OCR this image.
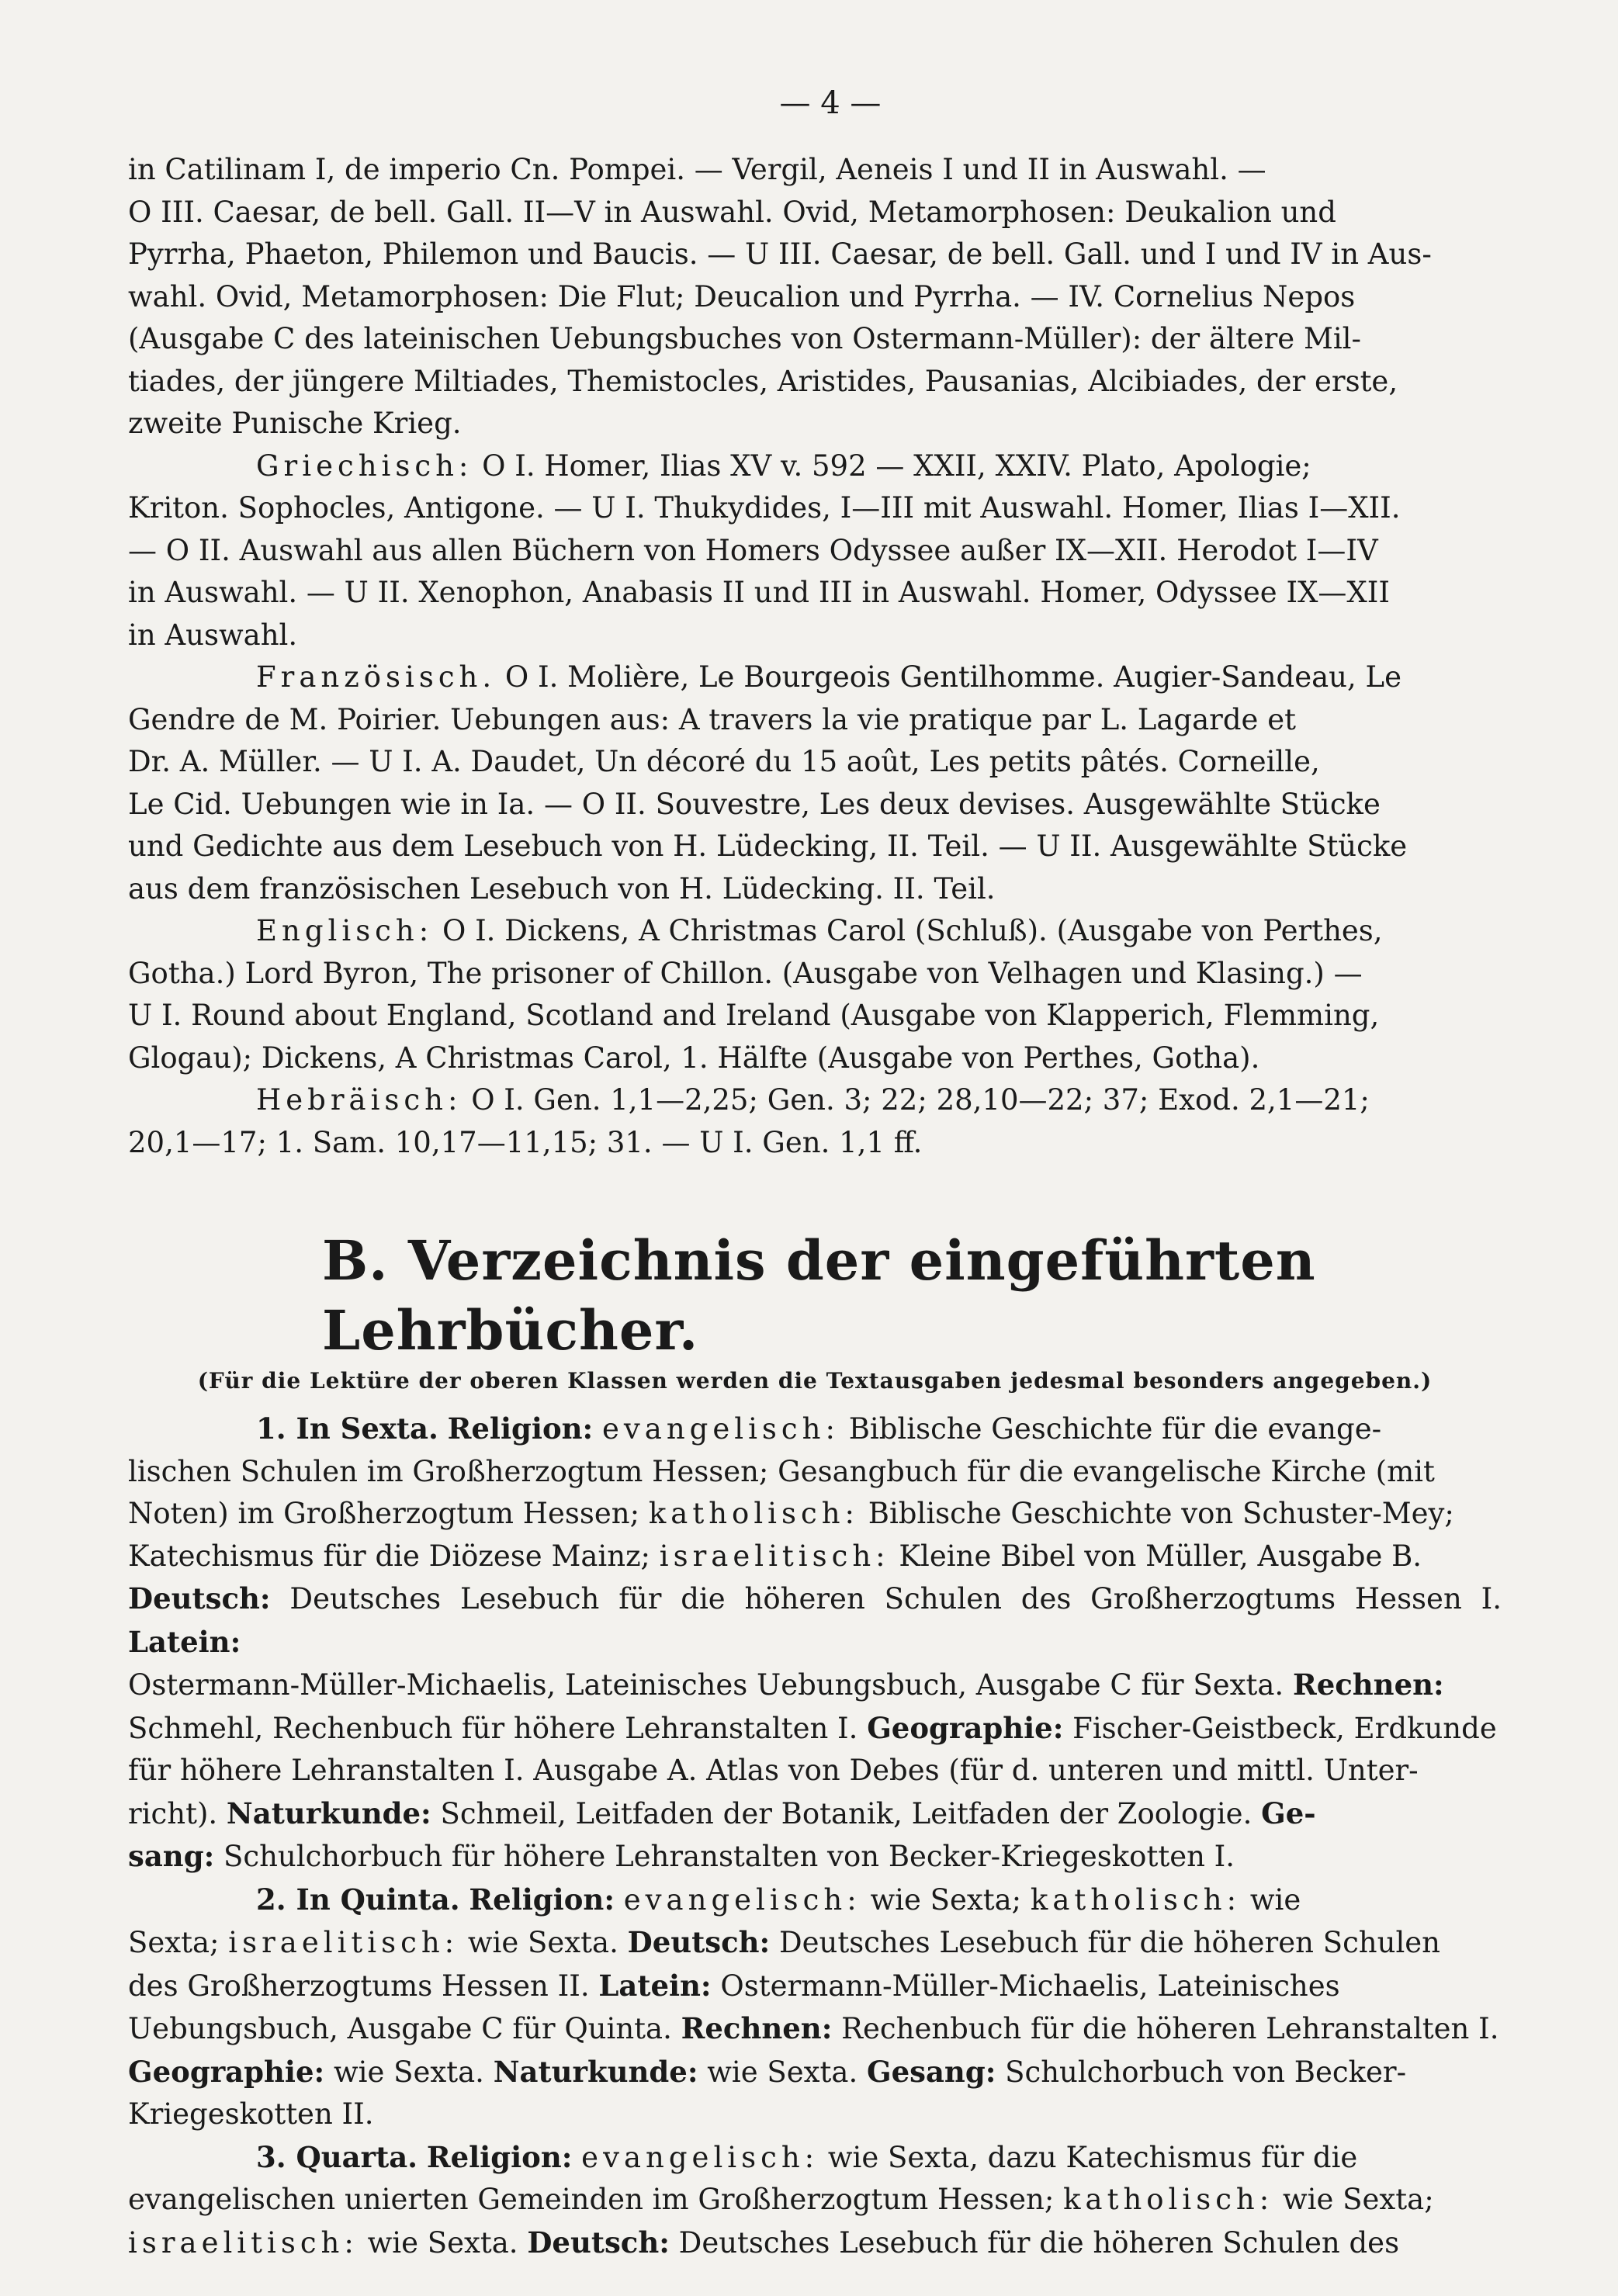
— 4 —

in Catilinam I, de imperio Cn. Pompei. — Vergil, Aeneis I und II in Auswahl. —

O III. Caesar, de bell. Gall. II—V in Auswahl. Ovid, Metamorphosen: Deukalion und

Pyrrha, Phaeton, Philemon und Baucis. — U III. Caesar, de bell. Gall. und I und IV in Aus-

wahl. Ovid, Metamorphosen: Die Flut; Deucalion und Pyrrha. — IV. Cornelius Nepos

(Ausgabe C des lateinischen Uebungsbuches von Ostermann-Müller): der ältere Mil-

tiades, der jüngere Miltiades, Themistocles, Aristides, Pausanias, Alcibiades, der erste,

zweite Punische Krieg.

Griechisch: O I. Homer, Ilias XV v. 592 — XXII, XXIV. Plato, Apologie;

Kriton. Sophocles, Antigone. — U I. Thukydides, I—III mit Auswahl. Homer, Ilias I—XII.

— O II. Auswahl aus allen Büchern von Homers Odyssee außer IX—XII. Herodot I—IV

in Auswahl. — U II. Xenophon, Anabasis II und III in Auswahl. Homer, Odyssee IX—XII

in Auswahl.

Französisch. O I. Molière, Le Bourgeois Gentilhomme. Augier-Sandeau, Le

Gendre de M. Poirier. Uebungen aus: A travers la vie pratique par L. Lagarde et

Dr. A. Müller. — U I. A. Daudet, Un décoré du 15 août, Les petits pâtés. Corneille,

Le Cid. Uebungen wie in Ia. — O II. Souvestre, Les deux devises. Ausgewählte Stücke

und Gedichte aus dem Lesebuch von H. Lüdecking, II. Teil. — U II. Ausgewählte Stücke

aus dem französischen Lesebuch von H. Lüdecking. II. Teil.

Englisch: O I. Dickens, A Christmas Carol (Schluß). (Ausgabe von Perthes,

Gotha.) Lord Byron, The prisoner of Chillon. (Ausgabe von Velhagen und Klasing.) —

U I. Round about England, Scotland and Ireland (Ausgabe von Klapperich, Flemming,

Glogau); Dickens, A Christmas Carol, 1. Hälfte (Ausgabe von Perthes, Gotha).

Hebräisch: O I. Gen. 1,1—2,25; Gen. 3; 22; 28,10—22; 37; Exod. 2,1—21;

20,1—17; 1. Sam. 10,17—11,15; 31. — U I. Gen. 1,1 ff.

B. Verzeichnis der eingeführten Lehrbücher.
(Für die Lektüre der oberen Klassen werden die Textausgaben jedesmal besonders angegeben.)

1. In Sexta. Religion: evangelisch: Biblische Geschichte für die evange-

lischen Schulen im Großherzogtum Hessen; Gesangbuch für die evangelische Kirche (mit

Noten) im Großherzogtum Hessen; katholisch: Biblische Geschichte von Schuster-Mey;

Katechismus für die Diözese Mainz; israelitisch: Kleine Bibel von Müller, Ausgabe B.

Deutsch: Deutsches Lesebuch für die höheren Schulen des Großherzogtums Hessen I. Latein:

Ostermann-Müller-Michaelis, Lateinisches Uebungsbuch, Ausgabe C für Sexta. Rechnen:

Schmehl, Rechenbuch für höhere Lehranstalten I. Geographie: Fischer-Geistbeck, Erdkunde

für höhere Lehranstalten I. Ausgabe A. Atlas von Debes (für d. unteren und mittl. Unter-

richt). Naturkunde: Schmeil, Leitfaden der Botanik, Leitfaden der Zoologie. Ge-

sang: Schulchorbuch für höhere Lehranstalten von Becker-Kriegeskotten I.

2. In Quinta. Religion: evangelisch: wie Sexta; katholisch: wie

Sexta; israelitisch: wie Sexta. Deutsch: Deutsches Lesebuch für die höheren Schulen

des Großherzogtums Hessen II. Latein: Ostermann-Müller-Michaelis, Lateinisches

Uebungsbuch, Ausgabe C für Quinta. Rechnen: Rechenbuch für die höheren Lehranstalten I.

Geographie: wie Sexta. Naturkunde: wie Sexta. Gesang: Schulchorbuch von Becker-

Kriegeskotten II.

3. Quarta. Religion: evangelisch: wie Sexta, dazu Katechismus für die

evangelischen unierten Gemeinden im Großherzogtum Hessen; katholisch: wie Sexta;

israelitisch: wie Sexta. Deutsch: Deutsches Lesebuch für die höheren Schulen des
